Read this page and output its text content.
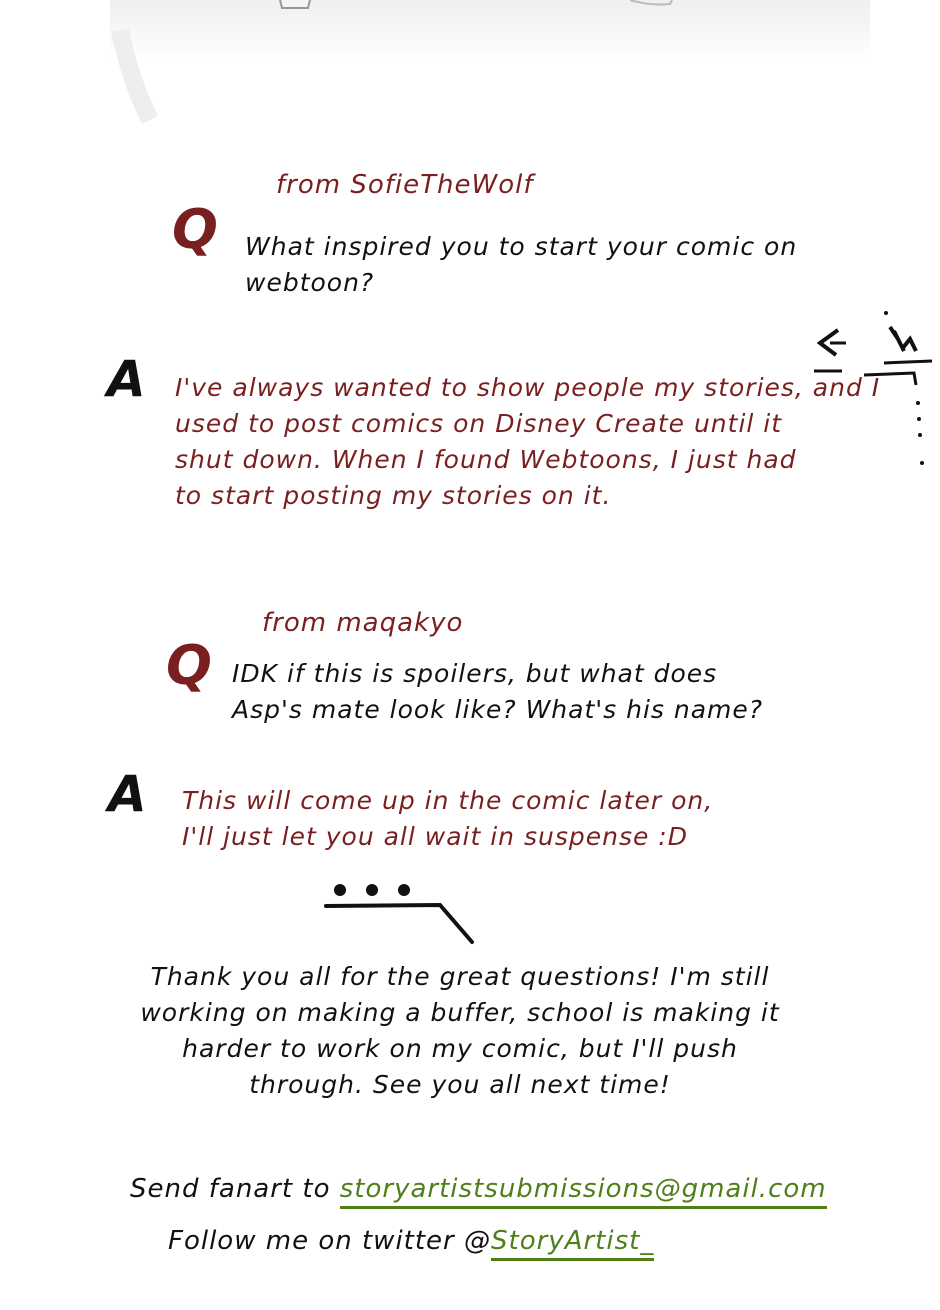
from SofieTheWolf
Q What inspired you to start your comic on
webtoon?
A I've always wanted to show people my stories, and I
used to post comics on Disney Create until it
shut down. When I found Webtoons, I just had
to start posting my stories on it.
from maqakyo
Q IDK if this is spoilers, but what does
Asp's mate look like? What's his name?
A This will come up in the comic later on,
I'll just let you all wait in suspense :D
Thank you all for the great questions! I'm still
working on making a buffer, school is making it
harder to work on my comic, but I'll push
through. See you all next time!
Send fanart to storyartistsubmissions@gmail.com
Follow me on twitter @StoryArtist_
